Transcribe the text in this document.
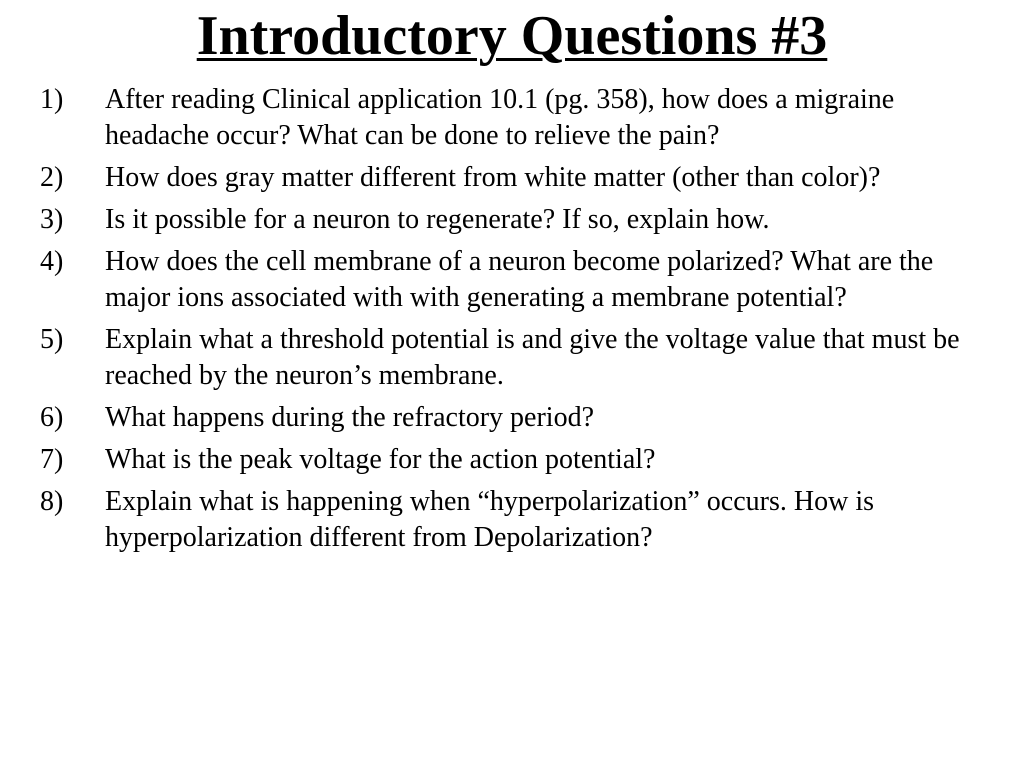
Introductory Questions #3
1)	After reading Clinical application 10.1 (pg. 358), how does a migraine headache occur? What can be done to relieve the pain?
2)	How does gray matter different from white matter (other than color)?
3)	Is it possible for a neuron to regenerate? If so, explain how.
4)	How does the cell membrane of a neuron become polarized? What are the major ions associated with with generating a membrane potential?
5)	Explain what a threshold potential is and give the voltage value that must be reached by the neuron’s membrane.
6)	What happens during the refractory period?
7)	What is the peak voltage for the action potential?
8)	Explain what is happening when “hyperpolarization” occurs. How is hyperpolarization different from Depolarization?
